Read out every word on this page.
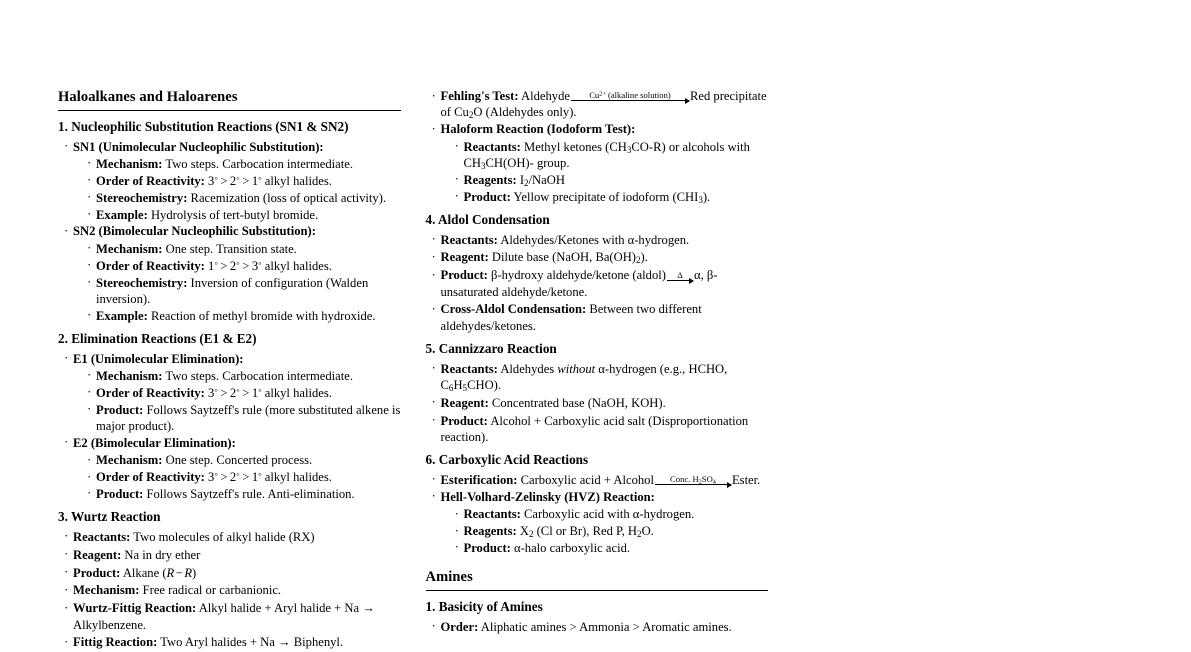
Haloalkanes and Haloarenes
1. Nucleophilic Substitution Reactions (SN1 & SN2)
· SN1 (Unimolecular Nucleophilic Substitution):
· Mechanism: Two steps. Carbocation intermediate.
· Order of Reactivity: 3◦ > 2◦ > 1◦ alkyl halides.
· Stereochemistry: Racemization (loss of optical activity).
· Example: Hydrolysis of tert-butyl bromide.
· SN2 (Bimolecular Nucleophilic Substitution):
· Mechanism: One step. Transition state.
· Order of Reactivity: 1◦ > 2◦ > 3◦ alkyl halides.
· Stereochemistry: Inversion of configuration (Walden inversion).
· Example: Reaction of methyl bromide with hydroxide.
2. Elimination Reactions (E1 & E2)
· E1 (Unimolecular Elimination):
· Mechanism: Two steps. Carbocation intermediate.
· Order of Reactivity: 3◦ > 2◦ > 1◦ alkyl halides.
· Product: Follows Saytzeff's rule (more substituted alkene is major product).
· E2 (Bimolecular Elimination):
· Mechanism: One step. Concerted process.
· Order of Reactivity: 3◦ > 2◦ > 1◦ alkyl halides.
· Product: Follows Saytzeff's rule. Anti-elimination.
3. Wurtz Reaction
· Reactants: Two molecules of alkyl halide (RX)
· Reagent: Na in dry ether
· Product: Alkane (R − R)
· Mechanism: Free radical or carbanionic.
· Wurtz-Fittig Reaction: Alkyl halide + Aryl halide + Na → Alkylbenzene.
· Fittig Reaction: Two Aryl halides + Na → Biphenyl.
· Fehling's Test: Aldehyde $Cu^{2+}$ (alkaline solution) Red precipitate of $Cu_2O$ (Aldehydes only).
· Haloform Reaction (Iodoform Test):
· Reactants: Methyl ketones $(CH_3CO-R)$ or alcohols with $CH_3CH(OH)-$ group.
· Reagents: $I_2$/NaOH
· Product: Yellow precipitate of iodoform $(CHI_3)$.
4. Aldol Condensation
· Reactants: Aldehydes/Ketones with α-hydrogen.
· Reagent: Dilute base (NaOH, $Ba(OH)_2$).
· Product: β-hydroxy aldehyde/ketone (aldol) Δ α, β-unsaturated aldehyde/ketone.
· Cross-Aldol Condensation: Between two different aldehydes/ketones.
5. Cannizzaro Reaction
· Reactants: Aldehydes without α-hydrogen (e.g., HCHO, $C_6H_5CHO$).
· Reagent: Concentrated base (NaOH, KOH).
· Product: Alcohol + Carboxylic acid salt (Disproportionation reaction).
6. Carboxylic Acid Reactions
· Esterification: Carboxylic acid + Alcohol Conc. $H_2SO_4$ Ester.
· Hell-Volhard-Zelinsky (HVZ) Reaction:
· Reactants: Carboxylic acid with α-hydrogen.
· Reagents: $X_2$ (Cl or Br), Red P, $H_2O$.
· Product: α-halo carboxylic acid.
Amines
1. Basicity of Amines
· Order: Aliphatic amines > Ammonia > Aromatic amines.
